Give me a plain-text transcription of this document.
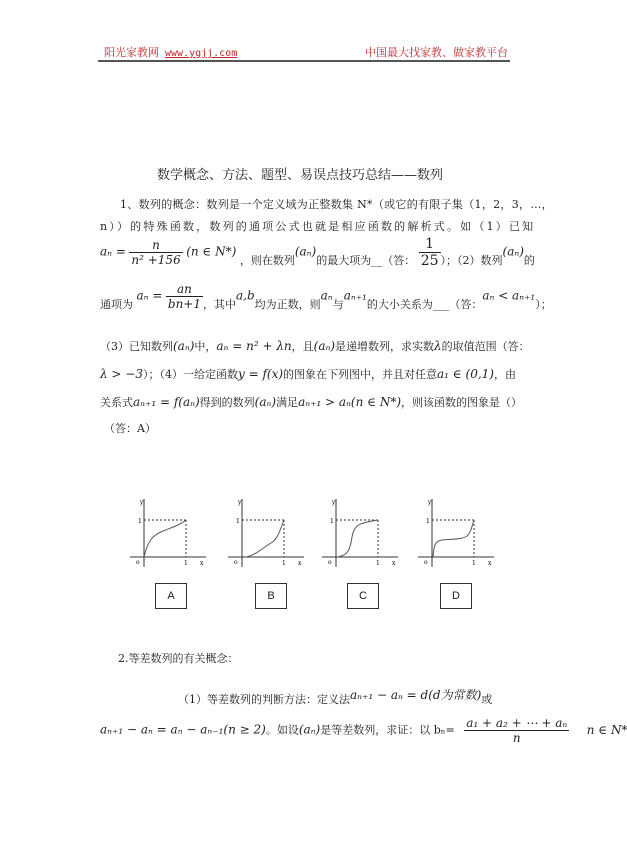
阳光家教网 www.ygjj.com	中国最大找家教、做家教平台
数学概念、方法、题型、易误点技巧总结——数列
1、数列的概念：数列是一个定义域为正整数集 N*（或它的有限子集（1，2，3，…，
n））的特殊函数，数列的通项公式也就是相应函数的解析式。如（1）已知
$a_n = \frac{n}{\text{n² +156}} (n$ ∈ N*) ，则在数列(aₙ)的最大项为__（答： $\frac{1}{25}$ ）；（2）数列(aₙ)的
通项为 $a_n = \frac{an}{bn+1}$ ，其中a,b均为正数，则aₙ与aₙ₊₁的大小关系为___（答：aₙ < aₙ₊₁）；
（3）已知数列(aₙ)中，aₙ = n² + λn，且(aₙ)是递增数列，求实数λ的取值范围（答：
λ > −3）；（4）一给定函数y = f(x)的图象在下列图中，并且对任意a₁ ∈ (0,1)，由
关系式aₙ₊₁ = f(aₙ)得到的数列(aₙ)满足aₙ₊₁ > aₙ(n ∈ N*)，则该函数的图象是（）
（答：A）
y
1
1 x
o
y
1
1 x
o
y
1
1 x
o
y
1
1 x
o
A	B	C	D
2.等差数列的有关概念：
（1）等差数列的判断方法：定义法aₙ₊₁ − aₙ = d(d为常数)或
aₙ₊₁ − aₙ = aₙ − aₙ₋₁(n ≥ 2)。如设(aₙ)是等差数列，求证：以 $b_n= \frac{\text{a₁ + a₂ + ⋯ + aₙ}}{n}$ n ∈ N*
